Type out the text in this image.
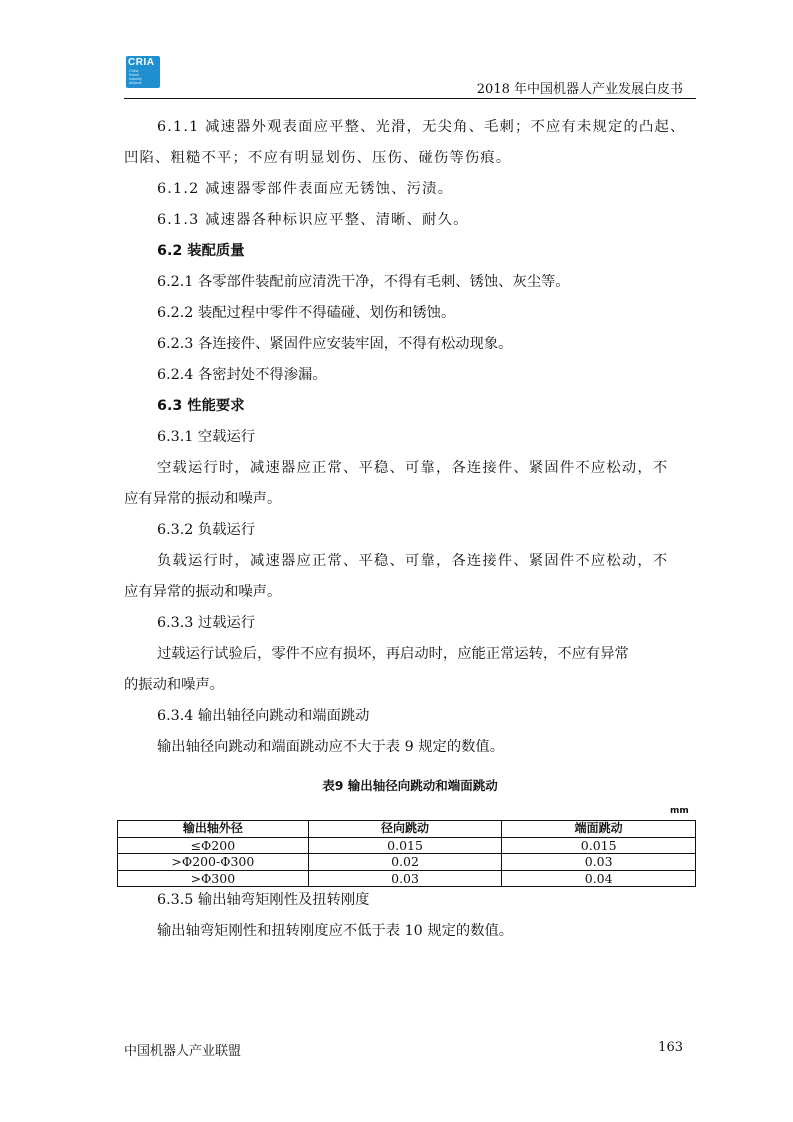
CRIA
China
Robot
Industry
Alliance	2018 年中国机器人产业发展白皮书
6.1.1 减速器外观表面应平整、光滑，无尖角、毛刺；不应有未规定的凸起、
凹陷、粗糙不平；不应有明显划伤、压伤、碰伤等伤痕。
6.1.2 减速器零部件表面应无锈蚀、污渍。
6.1.3 减速器各种标识应平整、清晰、耐久。
6.2 装配质量
6.2.1 各零部件装配前应清洗干净，不得有毛刺、锈蚀、灰尘等。
6.2.2 装配过程中零件不得磕碰、划伤和锈蚀。
6.2.3 各连接件、紧固件应安装牢固，不得有松动现象。
6.2.4 各密封处不得渗漏。
6.3 性能要求
6.3.1 空载运行
空载运行时，减速器应正常、平稳、可靠，各连接件、紧固件不应松动，不
应有异常的振动和噪声。
6.3.2 负载运行
负载运行时，减速器应正常、平稳、可靠，各连接件、紧固件不应松动，不
应有异常的振动和噪声。
6.3.3 过载运行
过载运行试验后，零件不应有损坏，再启动时，应能正常运转，不应有异常
的振动和噪声。
6.3.4 输出轴径向跳动和端面跳动
输出轴径向跳动和端面跳动应不大于表 9 规定的数值。
表9 输出轴径向跳动和端面跳动
mm
输出轴外径	径向跳动	端面跳动
≤Φ200	0.015	0.015
>Φ200-Φ300	0.02	0.03
>Φ300	0.03	0.04
6.3.5 输出轴弯矩刚性及扭转刚度
输出轴弯矩刚性和扭转刚度应不低于表 10 规定的数值。
中国机器人产业联盟	163
